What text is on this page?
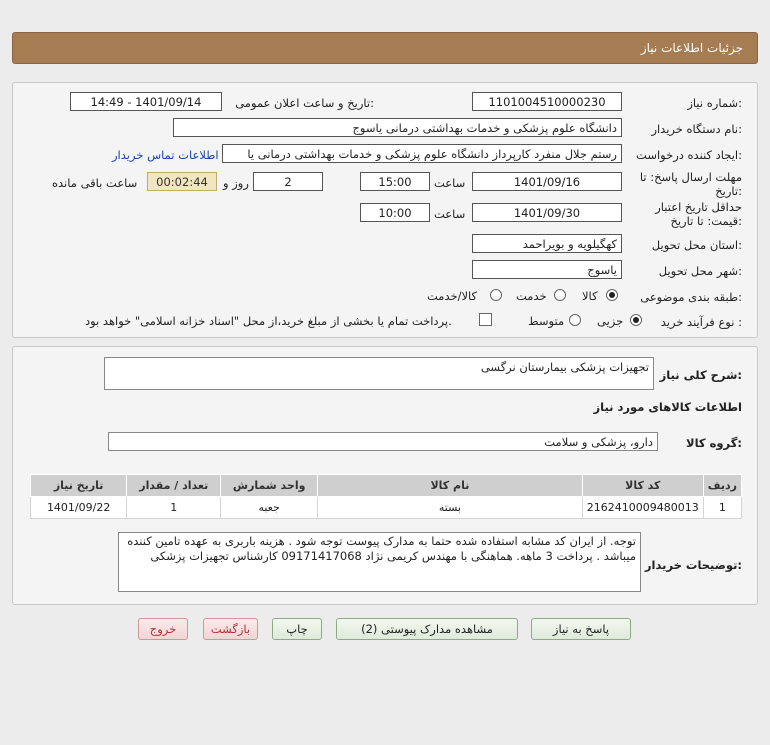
جزئیات اطلاعات نیاز
شماره نیاز:
1101004510000230
تاریخ و ساعت اعلان عمومی:
1401/09/14 - 14:49
نام دستگاه خریدار:
دانشگاه علوم پزشکی و خدمات بهداشتی درمانی یاسوج
ایجاد کننده درخواست:
رستم جلال منفرد کارپرداز دانشگاه علوم پزشکی و خدمات بهداشتی درمانی یا
اطلاعات تماس خریدار
مهلت ارسال پاسخ: تا
تاریخ:
1401/09/16
ساعت
15:00
2
روز و
00:02:44
ساعت باقی مانده
حداقل تاریخ اعتبار
قیمت: تا تاریخ:
1401/09/30
ساعت
10:00
استان محل تحویل:
کهگیلویه و بویراحمد
شهر محل تحویل:
یاسوج
طبقه بندی موضوعی:
کالا
خدمت
کالا/خدمت
نوع فرآیند خرید :
جزیی
متوسط
پرداخت تمام یا بخشی از مبلغ خرید،از محل "اسناد خزانه اسلامی" خواهد بود.
شرح کلی نیاز:
تجهیزات پزشکی بیمارستان نرگسی
اطلاعات کالاهای مورد نیاز
گروه کالا:
دارو، پزشکی و سلامت
ردیف	کد کالا	نام کالا	واحد شمارش	تعداد / مقدار	تاریخ نیاز
1	2162410009480013	بسته	جعبه	1	1401/09/22
توضیحات خریدار:
توجه. از ایران کد مشابه استفاده شده حتما به مدارک پیوست توجه شود . هزینه باربری به عهده تامین کننده میباشد . پرداخت 3 ماهه. هماهنگی با مهندس کریمی نژاد 09171417068 کارشناس تجهیزات پزشکی
پاسخ به نیاز
مشاهده مدارک پیوستی (2)
چاپ
بازگشت
خروج
